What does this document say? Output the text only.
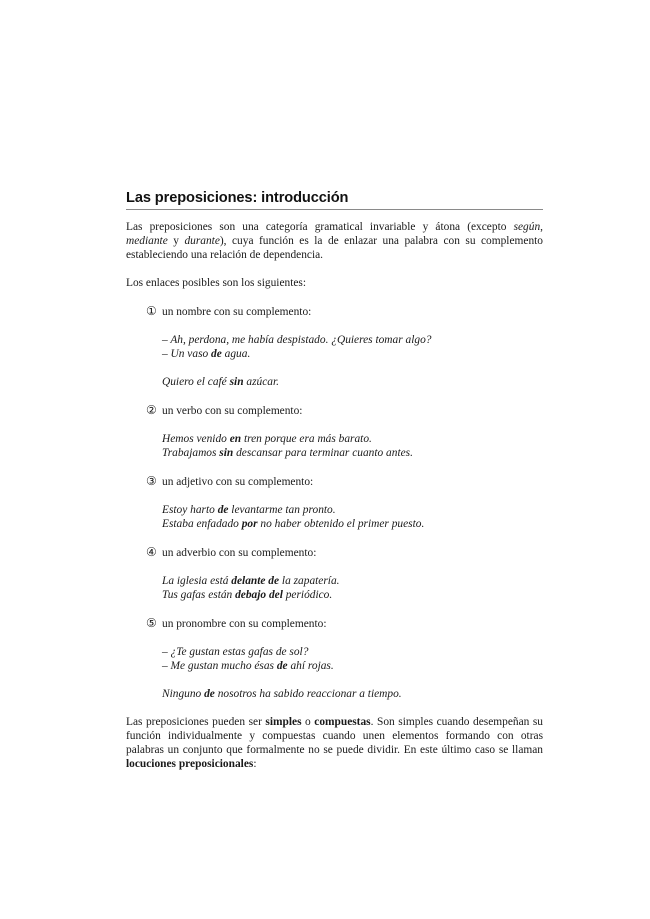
Las preposiciones: introducción

Las preposiciones son una categoría gramatical invariable y átona (excepto según, mediante y durante), cuya función es la de enlazar una palabra con su complemento estableciendo una relación de dependencia.

Los enlaces posibles son los siguientes:

① un nombre con su complemento:
– Ah, perdona, me había despistado. ¿Quieres tomar algo?
– Un vaso de agua.
Quiero el café sin azúcar.
② un verbo con su complemento:
Hemos venido en tren porque era más barato.
Trabajamos sin descansar para terminar cuanto antes.
③ un adjetivo con su complemento:
Estoy harto de levantarme tan pronto.
Estaba enfadado por no haber obtenido el primer puesto.
④ un adverbio con su complemento:
La iglesia está delante de la zapatería.
Tus gafas están debajo del periódico.
⑤ un pronombre con su complemento:
– ¿Te gustan estas gafas de sol?
– Me gustan mucho ésas de ahí rojas.
Ninguno de nosotros ha sabido reaccionar a tiempo.

Las preposiciones pueden ser simples o compuestas. Son simples cuando desempeñan su función individualmente y compuestas cuando unen elementos formando con otras palabras un conjunto que formalmente no se puede dividir. En este último caso se llaman locuciones preposicionales:
